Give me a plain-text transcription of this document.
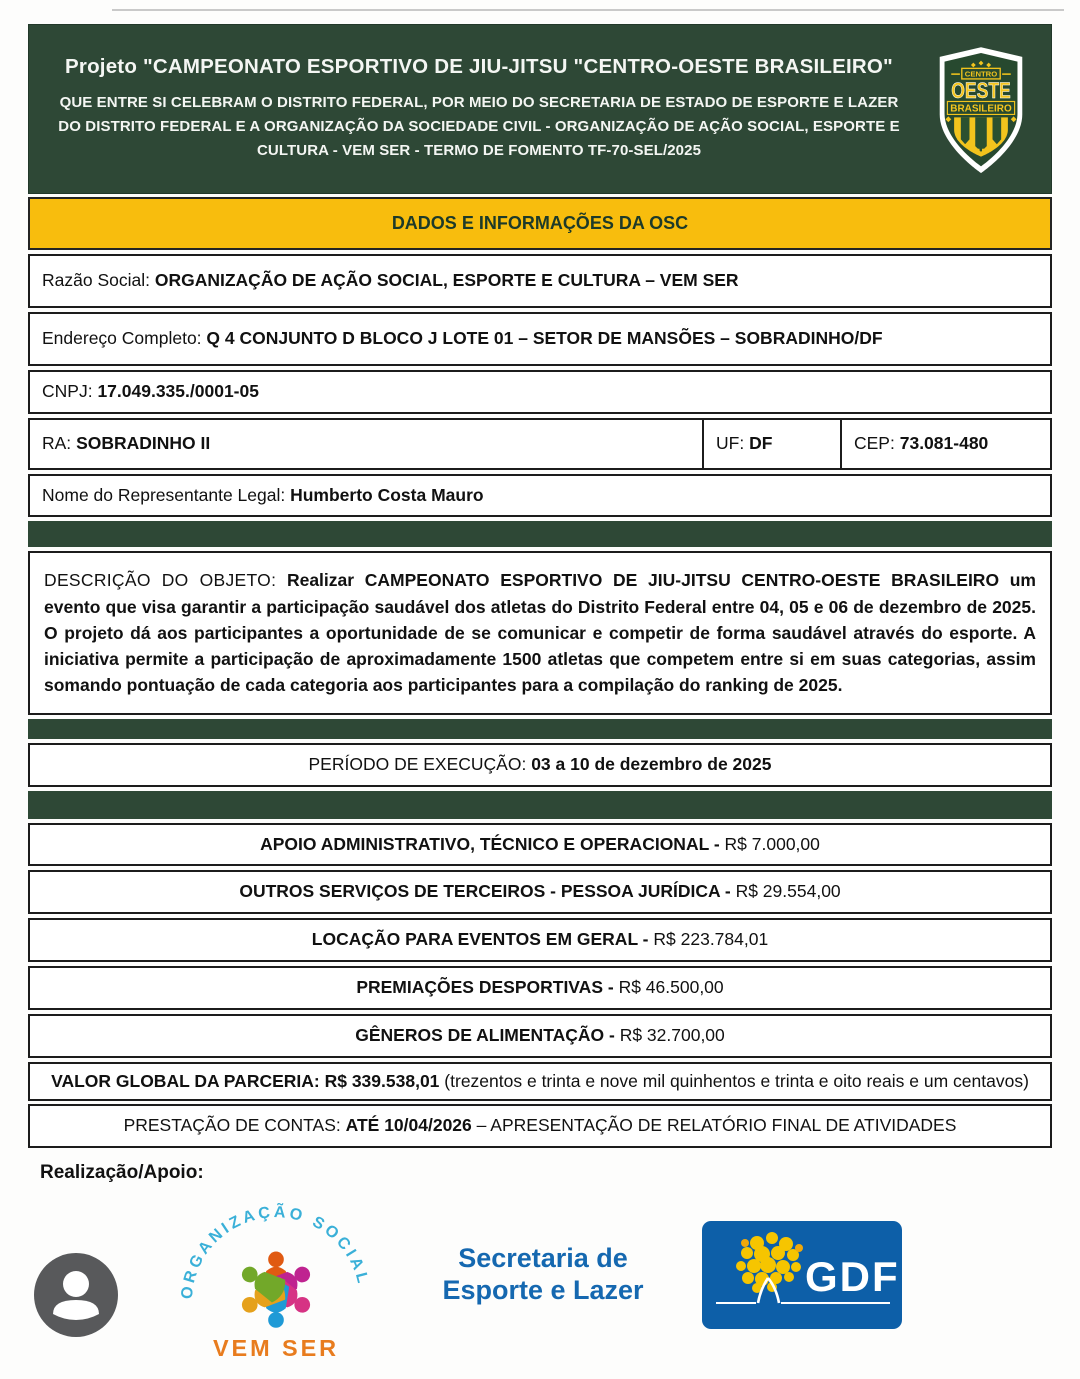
Projeto "CAMPEONATO ESPORTIVO DE JIU-JITSU "CENTRO-OESTE BRASILEIRO"

QUE ENTRE SI CELEBRAM O DISTRITO FEDERAL, POR MEIO DO SECRETARIA DE ESTADO DE ESPORTE E LAZER DO DISTRITO FEDERAL E A ORGANIZAÇÃO DA SOCIEDADE CIVIL - ORGANIZAÇÃO DE AÇÃO SOCIAL, ESPORTE E CULTURA - VEM SER - TERMO DE FOMENTO TF-70-SEL/2025

CENTRO
OESTE
BRASILEIRO
DADOS E INFORMAÇÕES DA OSC
Razão Social: ORGANIZAÇÃO DE AÇÃO SOCIAL, ESPORTE E CULTURA – VEM SER
Endereço Completo: Q 4 CONJUNTO D BLOCO J LOTE 01 – SETOR DE MANSÕES – SOBRADINHO/DF
CNPJ: 17.049.335./0001-05
RA: SOBRADINHO II	UF: DF	CEP: 73.081-480
Nome do Representante Legal: Humberto Costa Mauro
DESCRIÇÃO DO OBJETO: Realizar CAMPEONATO ESPORTIVO DE JIU-JITSU CENTRO-OESTE BRASILEIRO um evento que visa garantir a participação saudável dos atletas do Distrito Federal entre 04, 05 e 06 de dezembro de 2025. O projeto dá aos participantes a oportunidade de se comunicar e competir de forma saudável através do esporte. A iniciativa permite a participação de aproximadamente 1500 atletas que competem entre si em suas categorias, assim somando pontuação de cada categoria aos participantes para a compilação do ranking de 2025.
PERÍODO DE EXECUÇÃO: 03 a 10 de dezembro de 2025
APOIO ADMINISTRATIVO, TÉCNICO E OPERACIONAL - R$ 7.000,00
OUTROS SERVIÇOS DE TERCEIROS - PESSOA JURÍDICA - R$ 29.554,00
LOCAÇÃO PARA EVENTOS EM GERAL - R$ 223.784,01
PREMIAÇÕES DESPORTIVAS - R$ 46.500,00
GÊNEROS DE ALIMENTAÇÃO - R$ 32.700,00
VALOR GLOBAL DA PARCERIA: R$ 339.538,01 (trezentos e trinta e nove mil quinhentos e trinta e oito reais e um centavos)
PRESTAÇÃO DE CONTAS: ATÉ 10/04/2026 – APRESENTAÇÃO DE RELATÓRIO FINAL DE ATIVIDADES
Realização/Apoio:
ORGANIZAÇÃO SOCIAL
VEM SER
Secretaria de
Esporte e Lazer	GDF
